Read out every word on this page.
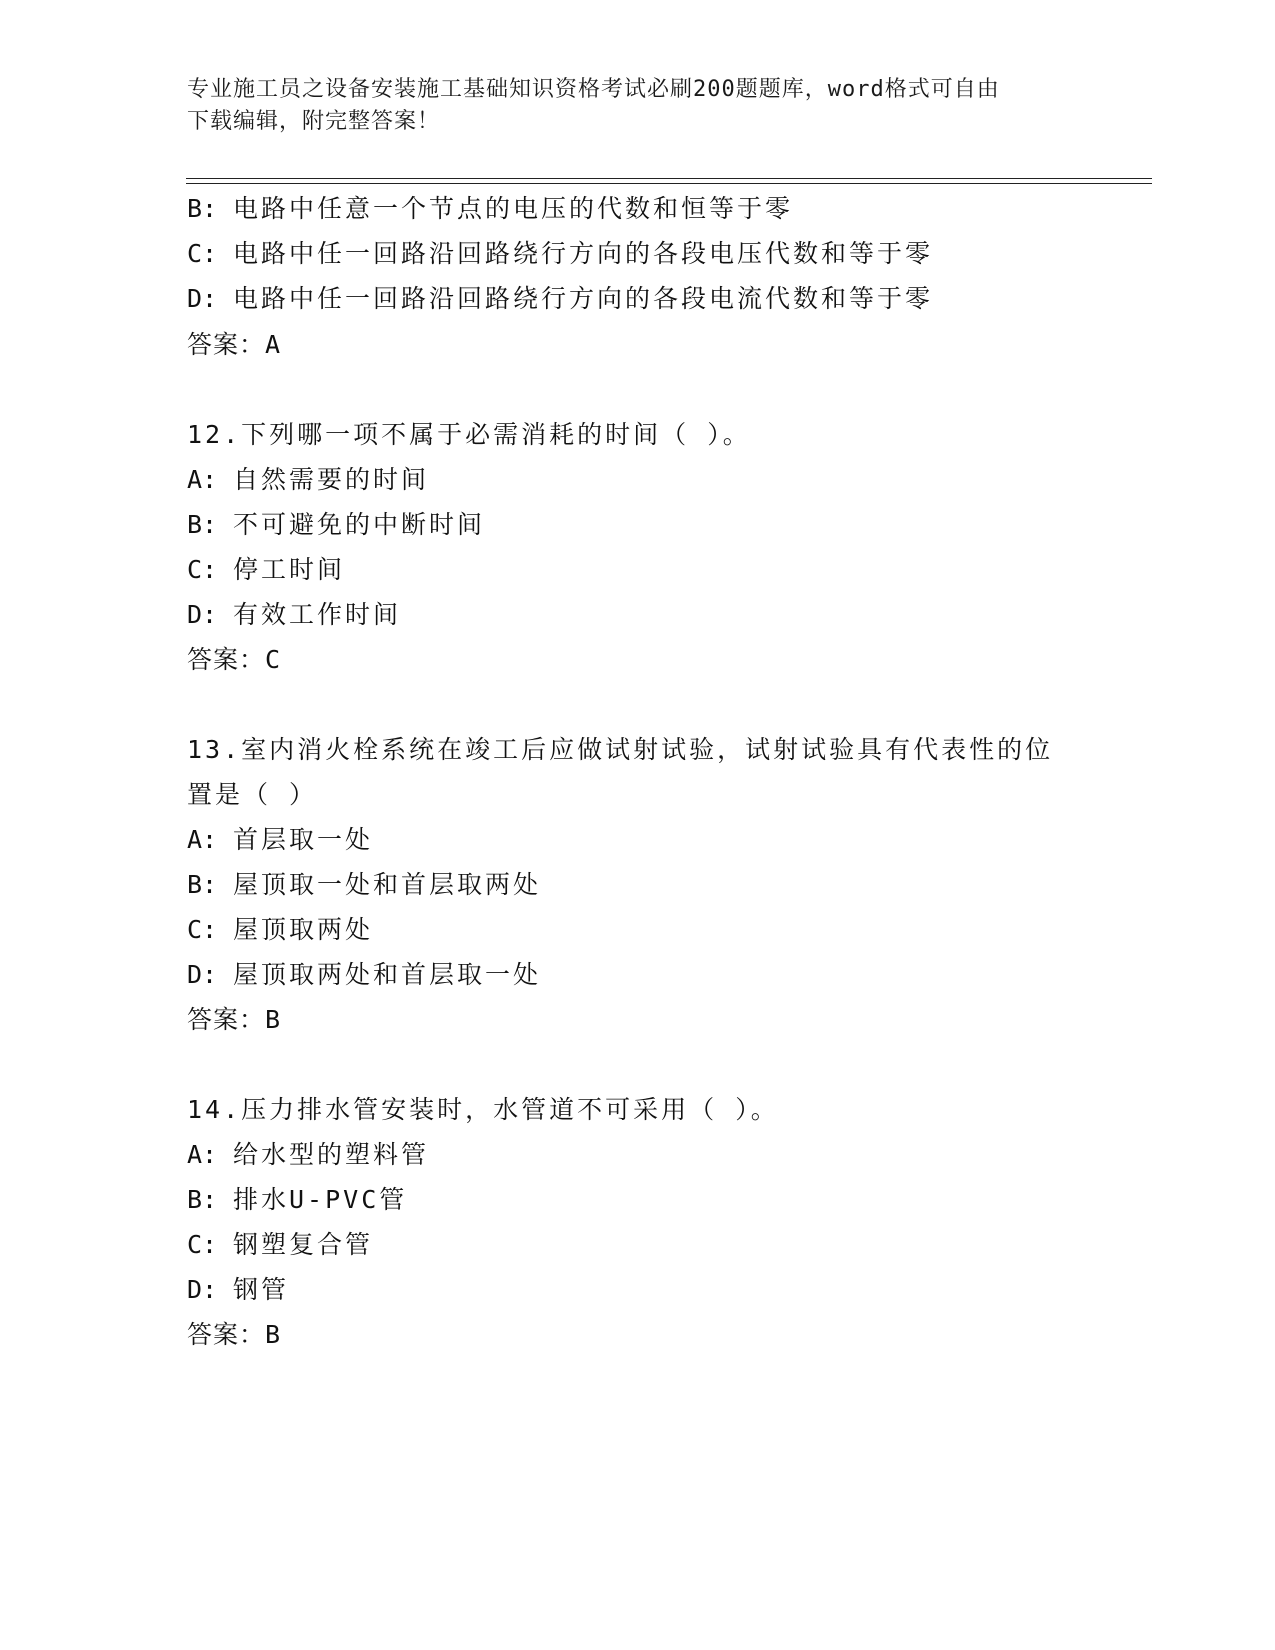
专业施工员之设备安装施工基础知识资格考试必刷200题题库，word格式可自由
下载编辑，附完整答案！
B: 电路中任意一个节点的电压的代数和恒等于零
C: 电路中任一回路沿回路绕行方向的各段电压代数和等于零
D: 电路中任一回路沿回路绕行方向的各段电流代数和等于零
答案：A
12.下列哪一项不属于必需消耗的时间（ ）。
A: 自然需要的时间
B: 不可避免的中断时间
C: 停工时间
D: 有效工作时间
答案：C
13.室内消火栓系统在竣工后应做试射试验，试射试验具有代表性的位
置是（ ）
A: 首层取一处
B: 屋顶取一处和首层取两处
C: 屋顶取两处
D: 屋顶取两处和首层取一处
答案：B
14.压力排水管安装时，水管道不可采用（ ）。
A: 给水型的塑料管
B: 排水U-PVC管
C: 钢塑复合管
D: 钢管
答案：B
